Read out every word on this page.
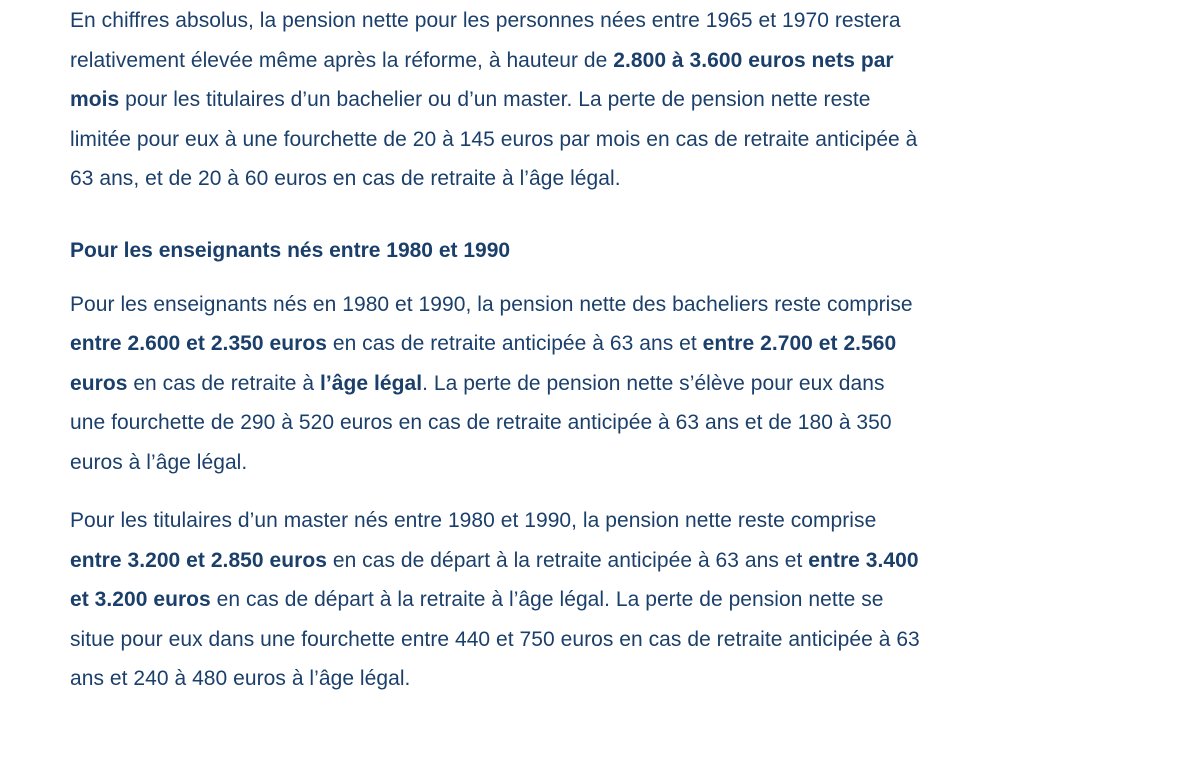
En chiffres absolus, la pension nette pour les personnes nées entre 1965 et 1970 restera relativement élevée même après la réforme, à hauteur de 2.800 à 3.600 euros nets par mois pour les titulaires d’un bachelier ou d’un master. La perte de pension nette reste limitée pour eux à une fourchette de 20 à 145 euros par mois en cas de retraite anticipée à 63 ans, et de 20 à 60 euros en cas de retraite à l’âge légal.

Pour les enseignants nés entre 1980 et 1990

Pour les enseignants nés en 1980 et 1990, la pension nette des bacheliers reste comprise entre 2.600 et 2.350 euros en cas de retraite anticipée à 63 ans et entre 2.700 et 2.560 euros en cas de retraite à l’âge légal. La perte de pension nette s’élève pour eux dans une fourchette de 290 à 520 euros en cas de retraite anticipée à 63 ans et de 180 à 350 euros à l’âge légal.

Pour les titulaires d’un master nés entre 1980 et 1990, la pension nette reste comprise entre 3.200 et 2.850 euros en cas de départ à la retraite anticipée à 63 ans et entre 3.400 et 3.200 euros en cas de départ à la retraite à l’âge légal. La perte de pension nette se situe pour eux dans une fourchette entre 440 et 750 euros en cas de retraite anticipée à 63 ans et 240 à 480 euros à l’âge légal.
